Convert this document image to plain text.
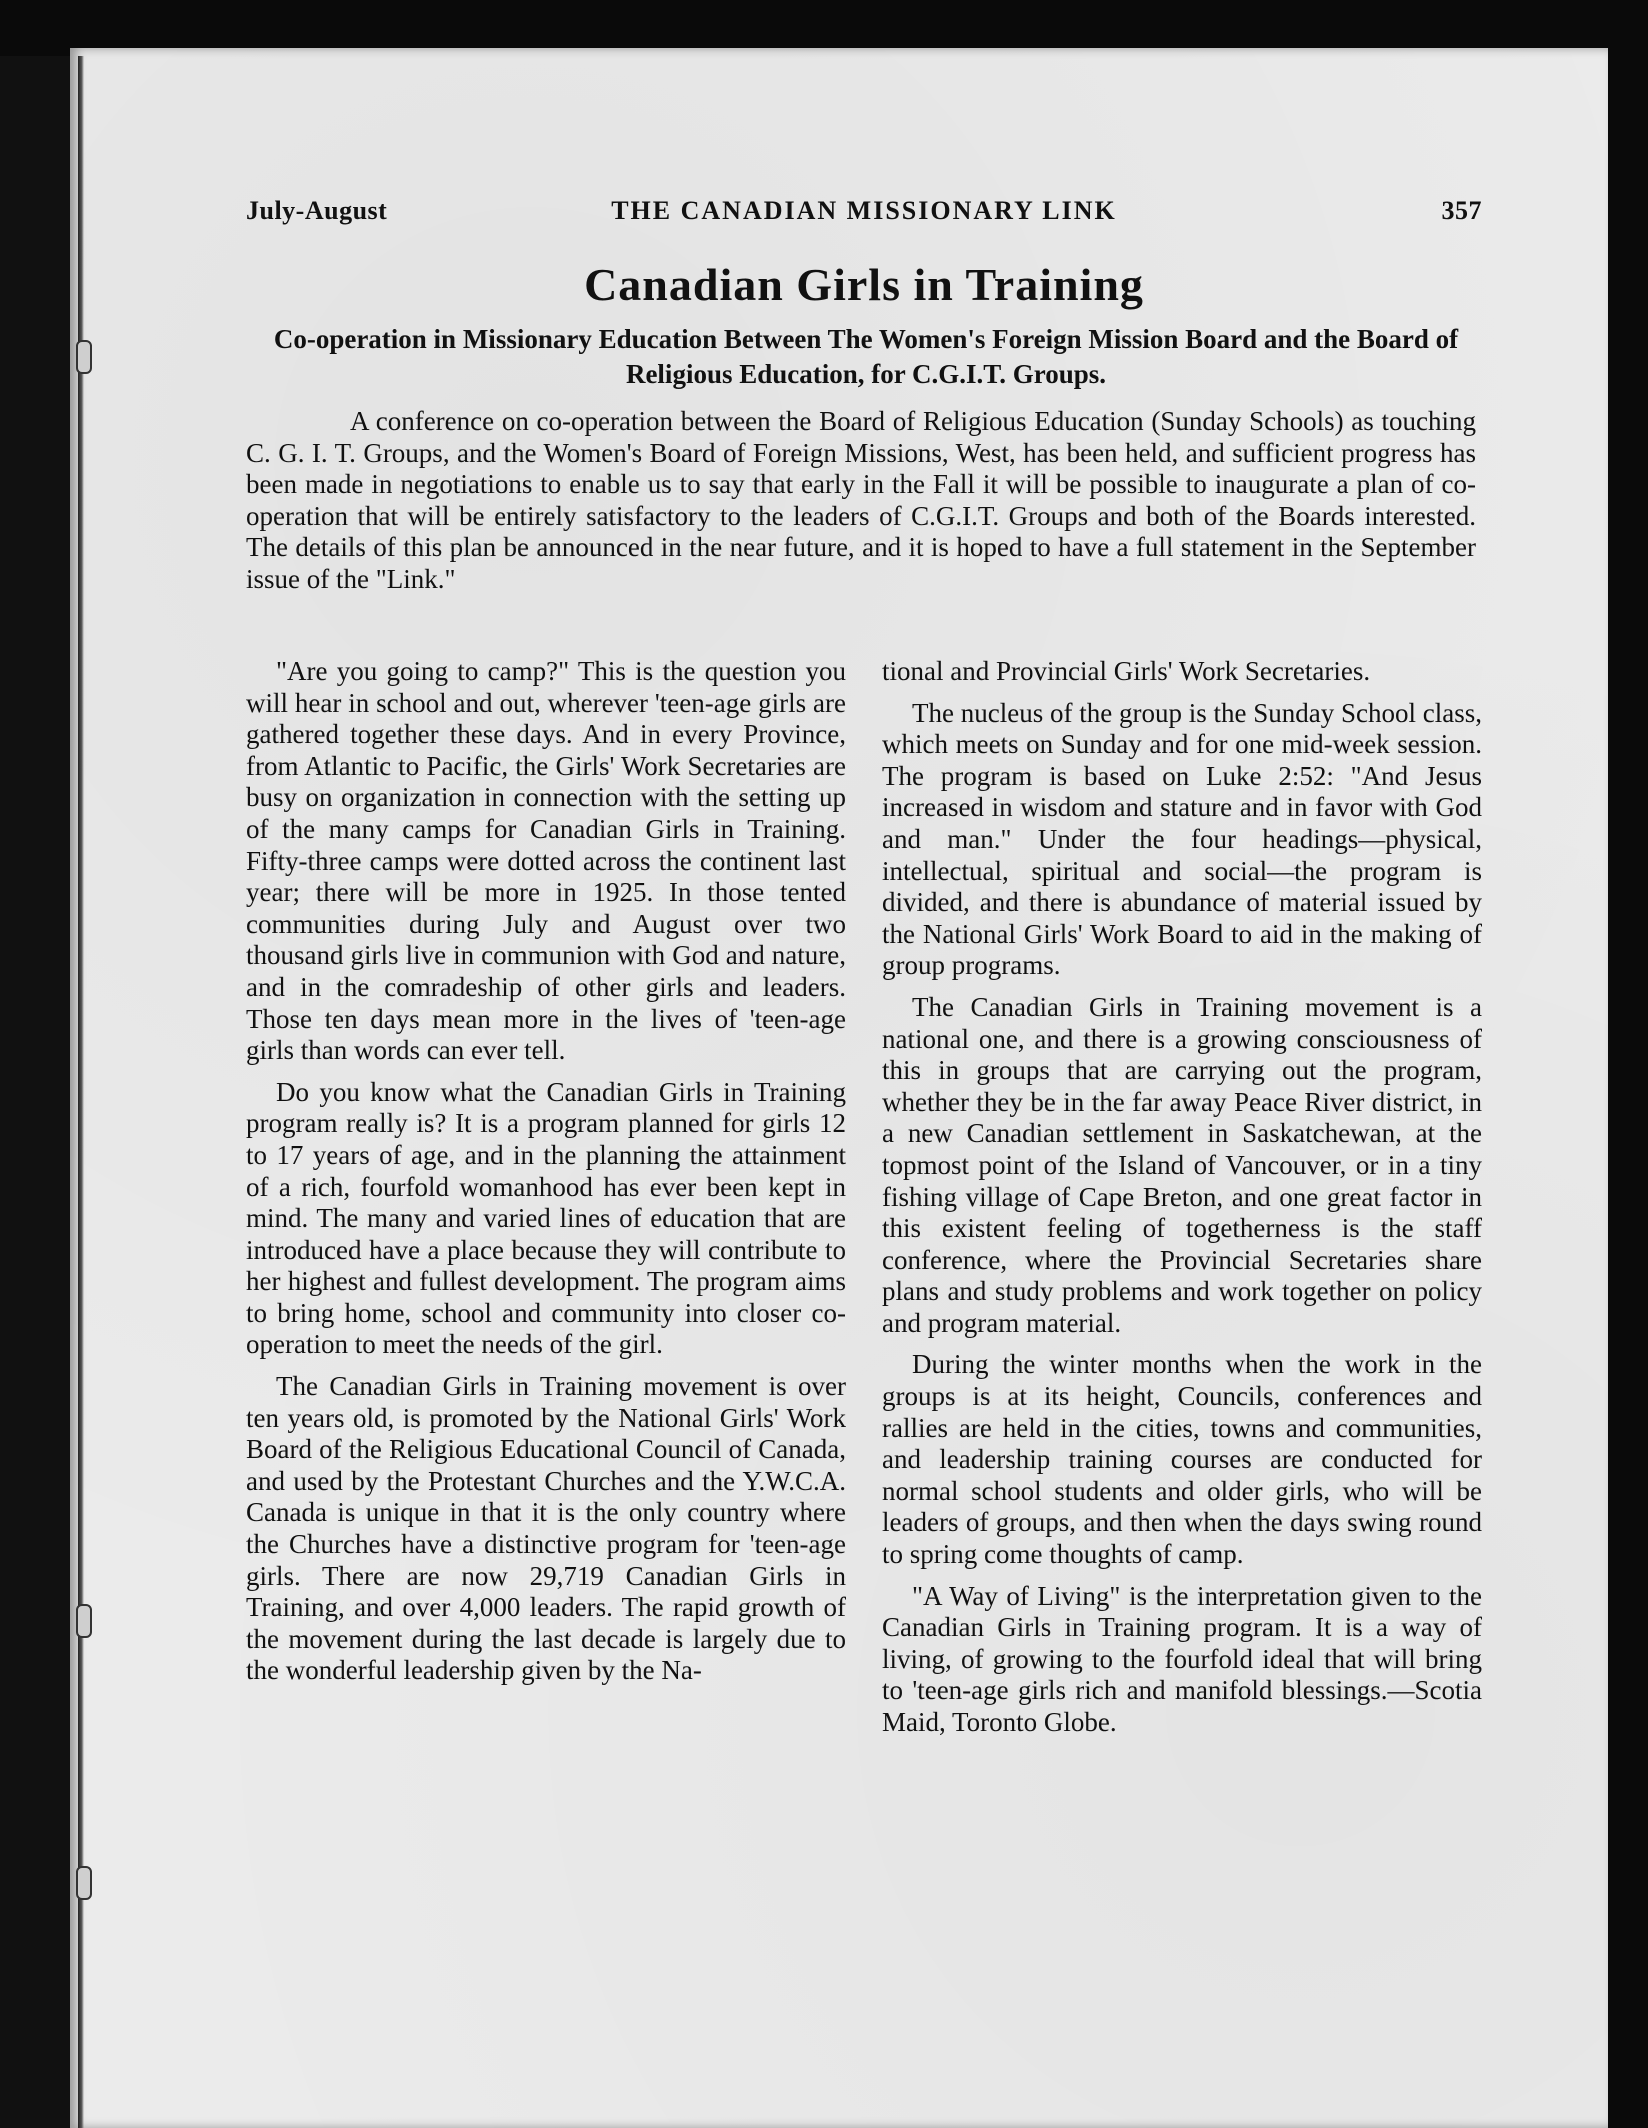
July-August	THE CANADIAN MISSIONARY LINK	357
Canadian Girls in Training
Co-operation in Missionary Education Between The Women's Foreign Mission Board and the Board of Religious Education, for C.G.I.T. Groups.
A conference on co-operation between the Board of Religious Education (Sunday Schools) as touching C. G. I. T. Groups, and the Women's Board of Foreign Missions, West, has been held, and sufficient progress has been made in negotiations to enable us to say that early in the Fall it will be possible to inaugurate a plan of co-operation that will be entirely satisfactory to the leaders of C.G.I.T. Groups and both of the Boards interested. The details of this plan be announced in the near future, and it is hoped to have a full statement in the September issue of the "Link."

"Are you going to camp?" This is the question you will hear in school and out, wherever 'teen-age girls are gathered together these days. And in every Province, from Atlantic to Pacific, the Girls' Work Secretaries are busy on organization in connection with the setting up of the many camps for Canadian Girls in Training. Fifty-three camps were dotted across the continent last year; there will be more in 1925. In those tented communities during July and August over two thousand girls live in communion with God and nature, and in the comradeship of other girls and leaders. Those ten days mean more in the lives of 'teen-age girls than words can ever tell.

Do you know what the Canadian Girls in Training program really is? It is a program planned for girls 12 to 17 years of age, and in the planning the attainment of a rich, fourfold womanhood has ever been kept in mind. The many and varied lines of education that are introduced have a place because they will contribute to her highest and fullest development. The program aims to bring home, school and community into closer co-operation to meet the needs of the girl.

The Canadian Girls in Training movement is over ten years old, is promoted by the National Girls' Work Board of the Religious Educational Council of Canada, and used by the Protestant Churches and the Y.W.C.A. Canada is unique in that it is the only country where the Churches have a distinctive program for 'teen-age girls. There are now 29,719 Canadian Girls in Training, and over 4,000 leaders. The rapid growth of the movement during the last decade is largely due to the wonderful leadership given by the Na-

tional and Provincial Girls' Work Secretaries.

The nucleus of the group is the Sunday School class, which meets on Sunday and for one mid-week session. The program is based on Luke 2:52: "And Jesus increased in wisdom and stature and in favor with God and man." Under the four headings—physical, intellectual, spiritual and social—the program is divided, and there is abundance of material issued by the National Girls' Work Board to aid in the making of group programs.

The Canadian Girls in Training movement is a national one, and there is a growing consciousness of this in groups that are carrying out the program, whether they be in the far away Peace River district, in a new Canadian settlement in Saskatchewan, at the topmost point of the Island of Vancouver, or in a tiny fishing village of Cape Breton, and one great factor in this existent feeling of togetherness is the staff conference, where the Provincial Secretaries share plans and study problems and work together on policy and program material.

During the winter months when the work in the groups is at its height, Councils, conferences and rallies are held in the cities, towns and communities, and leadership training courses are conducted for normal school students and older girls, who will be leaders of groups, and then when the days swing round to spring come thoughts of camp.

"A Way of Living" is the interpretation given to the Canadian Girls in Training program. It is a way of living, of growing to the fourfold ideal that will bring to 'teen-age girls rich and manifold blessings.—Scotia Maid, Toronto Globe.
